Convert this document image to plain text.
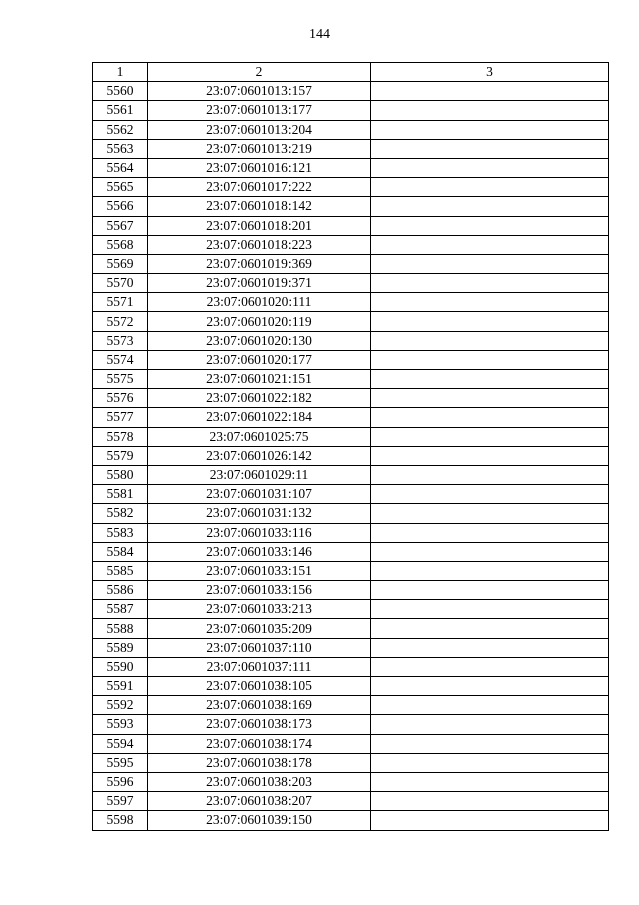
144
1	2	3
5560	23:07:0601013:157	
5561	23:07:0601013:177	
5562	23:07:0601013:204	
5563	23:07:0601013:219	
5564	23:07:0601016:121	
5565	23:07:0601017:222	
5566	23:07:0601018:142	
5567	23:07:0601018:201	
5568	23:07:0601018:223	
5569	23:07:0601019:369	
5570	23:07:0601019:371	
5571	23:07:0601020:111	
5572	23:07:0601020:119	
5573	23:07:0601020:130	
5574	23:07:0601020:177	
5575	23:07:0601021:151	
5576	23:07:0601022:182	
5577	23:07:0601022:184	
5578	23:07:0601025:75	
5579	23:07:0601026:142	
5580	23:07:0601029:11	
5581	23:07:0601031:107	
5582	23:07:0601031:132	
5583	23:07:0601033:116	
5584	23:07:0601033:146	
5585	23:07:0601033:151	
5586	23:07:0601033:156	
5587	23:07:0601033:213	
5588	23:07:0601035:209	
5589	23:07:0601037:110	
5590	23:07:0601037:111	
5591	23:07:0601038:105	
5592	23:07:0601038:169	
5593	23:07:0601038:173	
5594	23:07:0601038:174	
5595	23:07:0601038:178	
5596	23:07:0601038:203	
5597	23:07:0601038:207	
5598	23:07:0601039:150	
